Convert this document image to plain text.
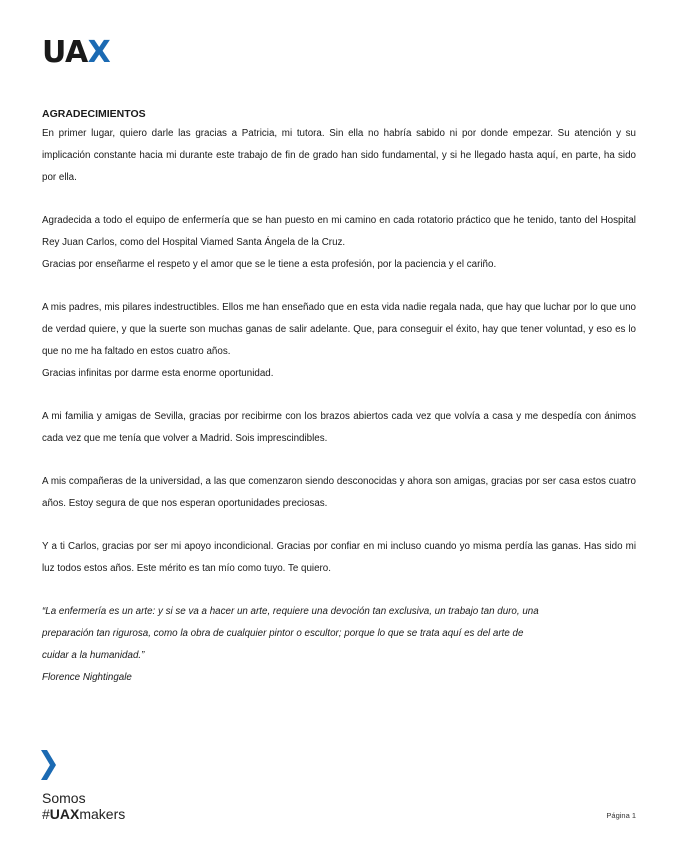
UAX
AGRADECIMIENTOS
En primer lugar, quiero darle las gracias a Patricia, mi tutora. Sin ella no habría sabido ni por donde empezar. Su atención y su implicación constante hacia mi durante este trabajo de fin de grado han sido fundamental, y si he llegado hasta aquí, en parte, ha sido por ella.
Agradecida a todo el equipo de enfermería que se han puesto en mi camino en cada rotatorio práctico que he tenido, tanto del Hospital Rey Juan Carlos, como del Hospital Viamed Santa Ángela de la Cruz.
Gracias por enseñarme el respeto y el amor que se le tiene a esta profesión, por la paciencia y el cariño.
A mis padres, mis pilares indestructibles. Ellos me han enseñado que en esta vida nadie regala nada, que hay que luchar por lo que uno de verdad quiere, y que la suerte son muchas ganas de salir adelante. Que, para conseguir el éxito, hay que tener voluntad, y eso es lo que no me ha faltado en estos cuatro años.
Gracias infinitas por darme esta enorme oportunidad.
A mi familia y amigas de Sevilla, gracias por recibirme con los brazos abiertos cada vez que volvía a casa y me despedía con ánimos cada vez que me tenía que volver a Madrid. Sois imprescindibles.
A mis compañeras de la universidad, a las que comenzaron siendo desconocidas y ahora son amigas, gracias por ser casa estos cuatro años. Estoy segura de que nos esperan oportunidades preciosas.
Y a ti Carlos, gracias por ser mi apoyo incondicional. Gracias por confiar en mi incluso cuando yo misma perdía las ganas. Has sido mi luz todos estos años. Este mérito es tan mío como tuyo. Te quiero.
“La enfermería es un arte: y si se va a hacer un arte, requiere una devoción tan exclusiva, un trabajo tan duro, una preparación tan rigurosa, como la obra de cualquier pintor o escultor; porque lo que se trata aquí es del arte de cuidar a la humanidad.”
Florence Nightingale
Somos
#UAXmakers	Página 1
